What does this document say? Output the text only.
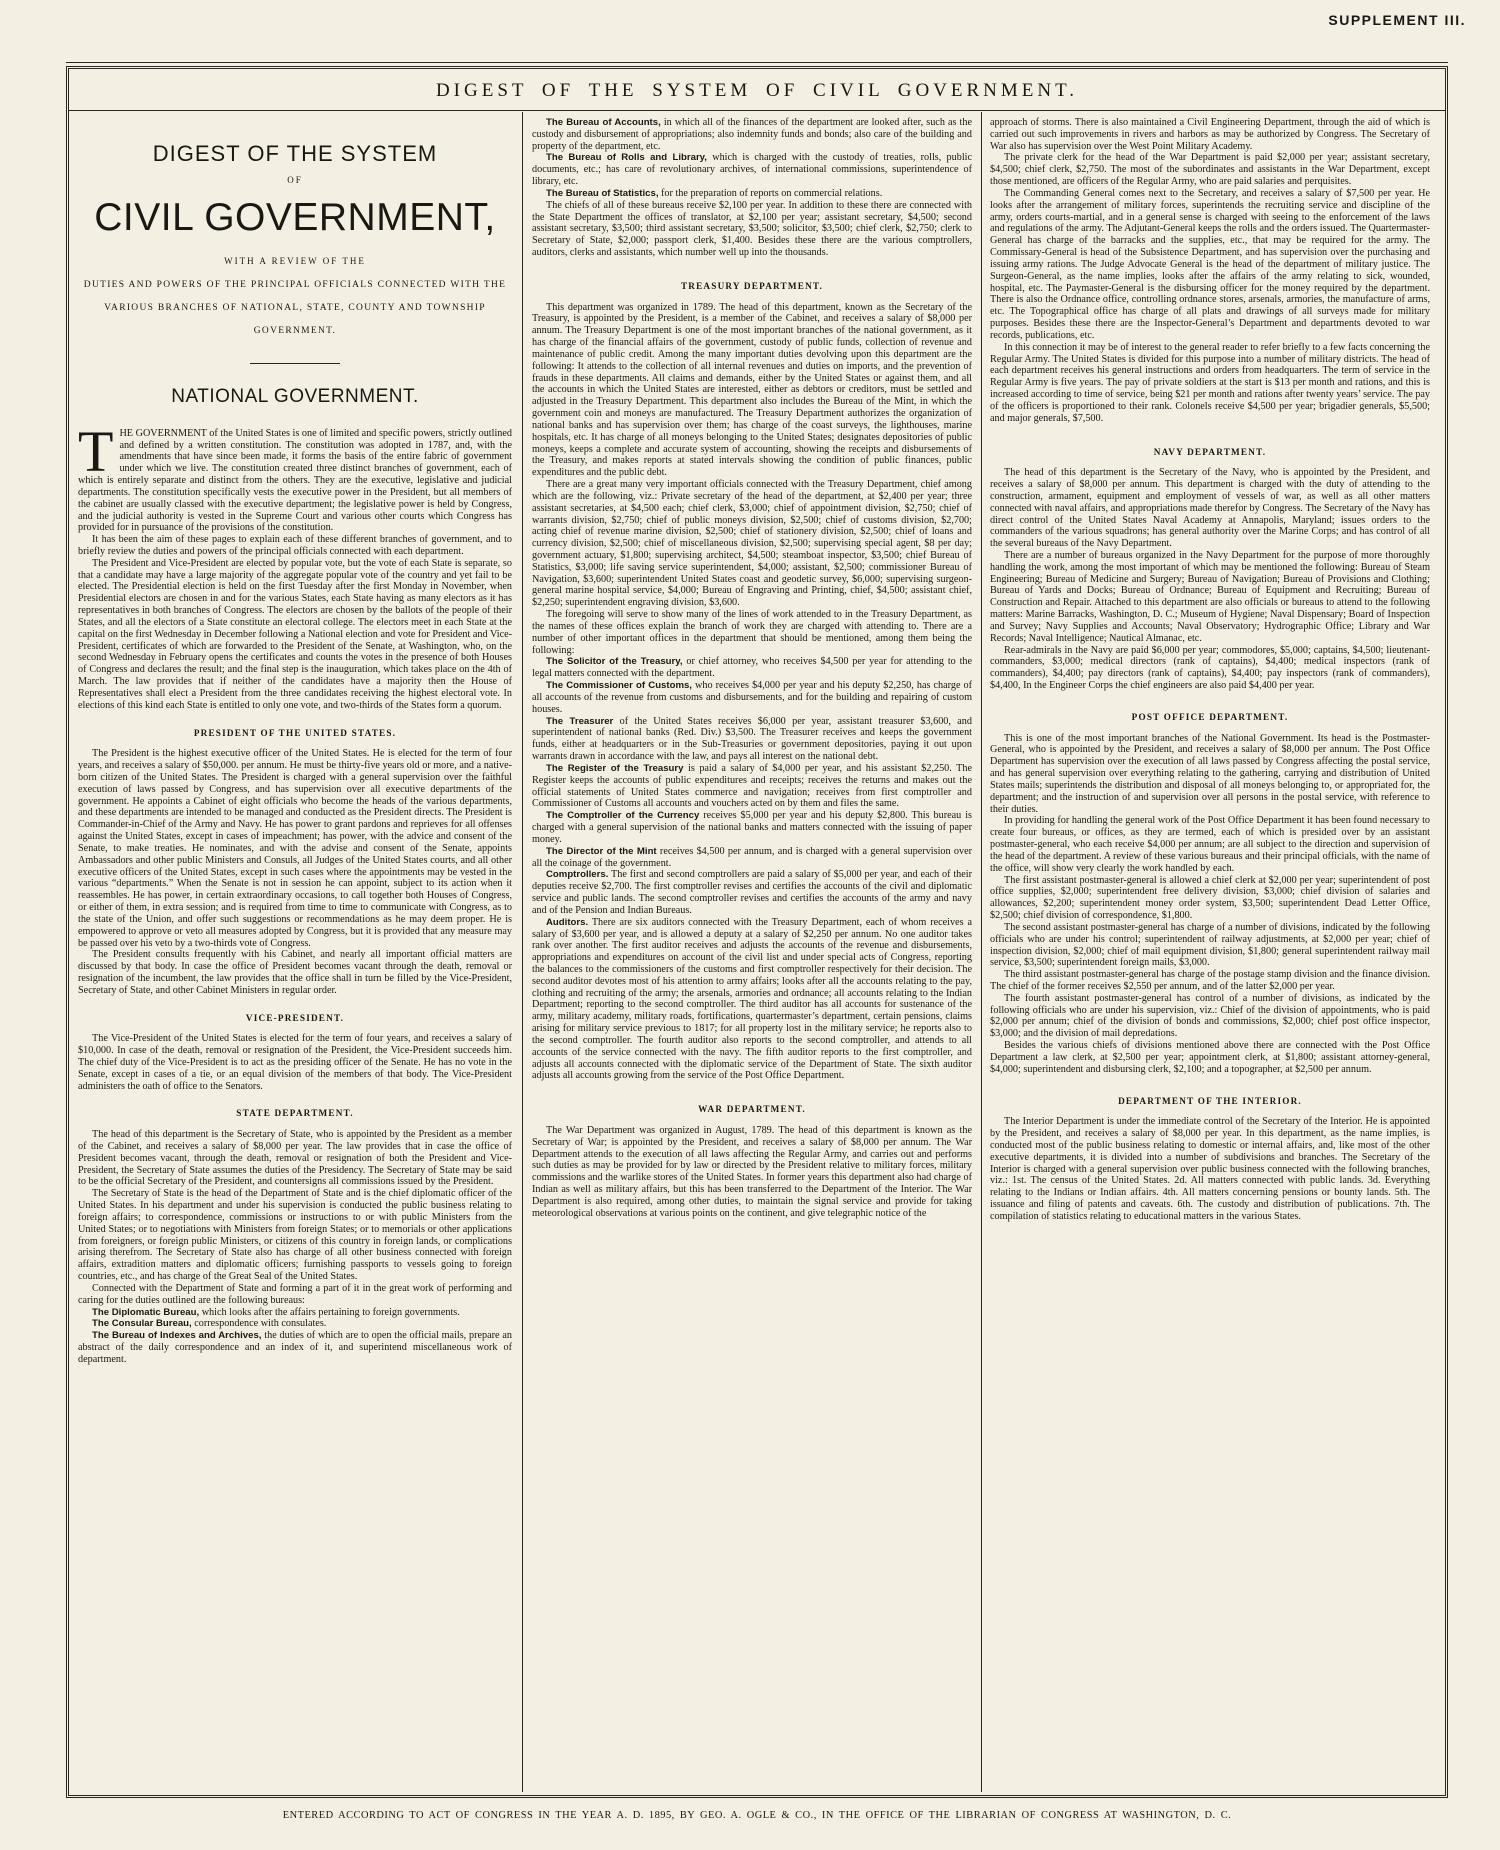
SUPPLEMENT III.
DIGEST OF THE SYSTEM OF CIVIL GOVERNMENT.
DIGEST OF THE SYSTEM
OF
CIVIL GOVERNMENT,
WITH A REVIEW OF THE
DUTIES AND POWERS OF THE PRINCIPAL OFFICIALS CONNECTED WITH THE VARIOUS BRANCHES OF NATIONAL, STATE, COUNTY AND TOWNSHIP GOVERNMENT.
NATIONAL GOVERNMENT.

THE GOVERNMENT of the United States is one of limited and specific powers, strictly outlined and defined by a written constitution. The constitution was adopted in 1787, and, with the amendments that have since been made, it forms the basis of the entire fabric of government under which we live. The constitution created three distinct branches of government, each of which is entirely separate and distinct from the others. They are the executive, legislative and judicial departments. The constitution specifically vests the executive power in the President, but all members of the cabinet are usually classed with the executive department; the legislative power is held by Congress, and the judicial authority is vested in the Supreme Court and various other courts which Congress has provided for in pursuance of the provisions of the constitution.

It has been the aim of these pages to explain each of these different branches of government, and to briefly review the duties and powers of the principal officials connected with each department.

The President and Vice-President are elected by popular vote, but the vote of each State is separate, so that a candidate may have a large majority of the aggregate popular vote of the country and yet fail to be elected. The Presidential election is held on the first Tuesday after the first Monday in November, when Presidential electors are chosen in and for the various States, each State having as many electors as it has representatives in both branches of Congress. The electors are chosen by the ballots of the people of their States, and all the electors of a State constitute an electoral college. The electors meet in each State at the capital on the first Wednesday in December following a National election and vote for President and Vice-President, certificates of which are forwarded to the President of the Senate, at Washington, who, on the second Wednesday in February opens the certificates and counts the votes in the presence of both Houses of Congress and declares the result; and the final step is the inauguration, which takes place on the 4th of March. The law provides that if neither of the candidates have a majority then the House of Representatives shall elect a President from the three candidates receiving the highest electoral vote. In elections of this kind each State is entitled to only one vote, and two-thirds of the States form a quorum.

PRESIDENT OF THE UNITED STATES.

The President is the highest executive officer of the United States. He is elected for the term of four years, and receives a salary of $50,000. per annum. He must be thirty-five years old or more, and a native-born citizen of the United States. The President is charged with a general supervision over the faithful execution of laws passed by Congress, and has supervision over all executive departments of the government. He appoints a Cabinet of eight officials who become the heads of the various departments, and these departments are intended to be managed and conducted as the President directs. The President is Commander-in-Chief of the Army and Navy. He has power to grant pardons and reprieves for all offenses against the United States, except in cases of impeachment; has power, with the advice and consent of the Senate, to make treaties. He nominates, and with the advise and consent of the Senate, appoints Ambassadors and other public Ministers and Consuls, all Judges of the United States courts, and all other executive officers of the United States, except in such cases where the appointments may be vested in the various “departments.” When the Senate is not in session he can appoint, subject to its action when it reassembles. He has power, in certain extraordinary occasions, to call together both Houses of Congress, or either of them, in extra session; and is required from time to time to communicate with Congress, as to the state of the Union, and offer such suggestions or recommendations as he may deem proper. He is empowered to approve or veto all measures adopted by Congress, but it is provided that any measure may be passed over his veto by a two-thirds vote of Congress.

The President consults frequently with his Cabinet, and nearly all important official matters are discussed by that body. In case the office of President becomes vacant through the death, removal or resignation of the incumbent, the law provides that the office shall in turn be filled by the Vice-President, Secretary of State, and other Cabinet Ministers in regular order.

VICE-PRESIDENT.

The Vice-President of the United States is elected for the term of four years, and receives a salary of $10,000. In case of the death, removal or resignation of the President, the Vice-President succeeds him. The chief duty of the Vice-President is to act as the presiding officer of the Senate. He has no vote in the Senate, except in cases of a tie, or an equal division of the members of that body. The Vice-President administers the oath of office to the Senators.

STATE DEPARTMENT.

The head of this department is the Secretary of State, who is appointed by the President as a member of the Cabinet, and receives a salary of $8,000 per year. The law provides that in case the office of President becomes vacant, through the death, removal or resignation of both the President and Vice-President, the Secretary of State assumes the duties of the Presidency. The Secretary of State may be said to be the official Secretary of the President, and countersigns all commissions issued by the President.

The Secretary of State is the head of the Department of State and is the chief diplomatic officer of the United States. In his department and under his supervision is conducted the public business relating to foreign affairs; to correspondence, commissions or instructions to or with public Ministers from the United States; or to negotiations with Ministers from foreign States; or to memorials or other applications from foreigners, or foreign public Ministers, or citizens of this country in foreign lands, or complications arising therefrom. The Secretary of State also has charge of all other business connected with foreign affairs, extradition matters and diplomatic officers; furnishing passports to vessels going to foreign countries, etc., and has charge of the Great Seal of the United States.

Connected with the Department of State and forming a part of it in the great work of performing and caring for the duties outlined are the following bureaus:

The Diplomatic Bureau, which looks after the affairs pertaining to foreign governments.

The Consular Bureau, correspondence with consulates.

The Bureau of Indexes and Archives, the duties of which are to open the official mails, prepare an abstract of the daily correspondence and an index of it, and superintend miscellaneous work of department.

The Bureau of Accounts, in which all of the finances of the department are looked after, such as the custody and disbursement of appropriations; also indemnity funds and bonds; also care of the building and property of the department, etc.

The Bureau of Rolls and Library, which is charged with the custody of treaties, rolls, public documents, etc.; has care of revolutionary archives, of international commissions, superintendence of library, etc.

The Bureau of Statistics, for the preparation of reports on commercial relations.

The chiefs of all of these bureaus receive $2,100 per year. In addition to these there are connected with the State Department the offices of translator, at $2,100 per year; assistant secretary, $4,500; second assistant secretary, $3,500; third assistant secretary, $3,500; solicitor, $3,500; chief clerk, $2,750; clerk to Secretary of State, $2,000; passport clerk, $1,400. Besides these there are the various comptrollers, auditors, clerks and assistants, which number well up into the thousands.

TREASURY DEPARTMENT.

This department was organized in 1789. The head of this department, known as the Secretary of the Treasury, is appointed by the President, is a member of the Cabinet, and receives a salary of $8,000 per annum. The Treasury Department is one of the most important branches of the national government, as it has charge of the financial affairs of the government, custody of public funds, collection of revenue and maintenance of public credit. Among the many important duties devolving upon this department are the following: It attends to the collection of all internal revenues and duties on imports, and the prevention of frauds in these departments. All claims and demands, either by the United States or against them, and all the accounts in which the United States are interested, either as debtors or creditors, must be settled and adjusted in the Treasury Department. This department also includes the Bureau of the Mint, in which the government coin and moneys are manufactured. The Treasury Department authorizes the organization of national banks and has supervision over them; has charge of the coast surveys, the lighthouses, marine hospitals, etc. It has charge of all moneys belonging to the United States; designates depositories of public moneys, keeps a complete and accurate system of accounting, showing the receipts and disbursements of the Treasury, and makes reports at stated intervals showing the condition of public finances, public expenditures and the public debt.

There are a great many very important officials connected with the Treasury Department, chief among which are the following, viz.: Private secretary of the head of the department, at $2,400 per year; three assistant secretaries, at $4,500 each; chief clerk, $3,000; chief of appointment division, $2,750; chief of warrants division, $2,750; chief of public moneys division, $2,500; chief of customs division, $2,700; acting chief of revenue marine division, $2,500; chief of stationery division, $2,500; chief of loans and currency division, $2,500; chief of miscellaneous division, $2,500; supervising special agent, $8 per day; government actuary, $1,800; supervising architect, $4,500; steamboat inspector, $3,500; chief Bureau of Statistics, $3,000; life saving service superintendent, $4,000; assistant, $2,500; commissioner Bureau of Navigation, $3,600; superintendent United States coast and geodetic survey, $6,000; supervising surgeon-general marine hospital service, $4,000; Bureau of Engraving and Printing, chief, $4,500; assistant chief, $2,250; superintendent engraving division, $3,600.

The foregoing will serve to show many of the lines of work attended to in the Treasury Department, as the names of these offices explain the branch of work they are charged with attending to. There are a number of other important offices in the department that should be mentioned, among them being the following:

The Solicitor of the Treasury, or chief attorney, who receives $4,500 per year for attending to the legal matters connected with the department.

The Commissioner of Customs, who receives $4,000 per year and his deputy $2,250, has charge of all accounts of the revenue from customs and disbursements, and for the building and repairing of custom houses.

The Treasurer of the United States receives $6,000 per year, assistant treasurer $3,600, and superintendent of national banks (Red. Div.) $3,500. The Treasurer receives and keeps the government funds, either at headquarters or in the Sub-Treasuries or government depositories, paying it out upon warrants drawn in accordance with the law, and pays all interest on the national debt.

The Register of the Treasury is paid a salary of $4,000 per year, and his assistant $2,250. The Register keeps the accounts of public expenditures and receipts; receives the returns and makes out the official statements of United States commerce and navigation; receives from first comptroller and Commissioner of Customs all accounts and vouchers acted on by them and files the same.

The Comptroller of the Currency receives $5,000 per year and his deputy $2,800. This bureau is charged with a general supervision of the national banks and matters connected with the issuing of paper money.

The Director of the Mint receives $4,500 per annum, and is charged with a general supervision over all the coinage of the government.

Comptrollers. The first and second comptrollers are paid a salary of $5,000 per year, and each of their deputies receive $2,700. The first comptroller revises and certifies the accounts of the civil and diplomatic service and public lands. The second comptroller revises and certifies the accounts of the army and navy and of the Pension and Indian Bureaus.

Auditors. There are six auditors connected with the Treasury Department, each of whom receives a salary of $3,600 per year, and is allowed a deputy at a salary of $2,250 per annum. No one auditor takes rank over another. The first auditor receives and adjusts the accounts of the revenue and disbursements, appropriations and expenditures on account of the civil list and under special acts of Congress, reporting the balances to the commissioners of the customs and first comptroller respectively for their decision. The second auditor devotes most of his attention to army affairs; looks after all the accounts relating to the pay, clothing and recruiting of the army; the arsenals, armories and ordnance; all accounts relating to the Indian Department; reporting to the second comptroller. The third auditor has all accounts for sustenance of the army, military academy, military roads, fortifications, quartermaster’s department, certain pensions, claims arising for military service previous to 1817; for all property lost in the military service; he reports also to the second comptroller. The fourth auditor also reports to the second comptroller, and attends to all accounts of the service connected with the navy. The fifth auditor reports to the first comptroller, and adjusts all accounts connected with the diplomatic service of the Department of State. The sixth auditor adjusts all accounts growing from the service of the Post Office Department.

WAR DEPARTMENT.

The War Department was organized in August, 1789. The head of this department is known as the Secretary of War; is appointed by the President, and receives a salary of $8,000 per annum. The War Department attends to the execution of all laws affecting the Regular Army, and carries out and performs such duties as may be provided for by law or directed by the President relative to military forces, military commissions and the warlike stores of the United States. In former years this department also had charge of Indian as well as military affairs, but this has been transferred to the Department of the Interior. The War Department is also required, among other duties, to maintain the signal service and provide for taking meteorological observations at various points on the continent, and give telegraphic notice of the

approach of storms. There is also maintained a Civil Engineering Department, through the aid of which is carried out such improvements in rivers and harbors as may be authorized by Congress. The Secretary of War also has supervision over the West Point Military Academy.

The private clerk for the head of the War Department is paid $2,000 per year; assistant secretary, $4,500; chief clerk, $2,750. The most of the subordinates and assistants in the War Department, except those mentioned, are officers of the Regular Army, who are paid salaries and perquisites.

The Commanding General comes next to the Secretary, and receives a salary of $7,500 per year. He looks after the arrangement of military forces, superintends the recruiting service and discipline of the army, orders courts-martial, and in a general sense is charged with seeing to the enforcement of the laws and regulations of the army. The Adjutant-General keeps the rolls and the orders issued. The Quartermaster-General has charge of the barracks and the supplies, etc., that may be required for the army. The Commissary-General is head of the Subsistence Department, and has supervision over the purchasing and issuing army rations. The Judge Advocate General is the head of the department of military justice. The Surgeon-General, as the name implies, looks after the affairs of the army relating to sick, wounded, hospital, etc. The Paymaster-General is the disbursing officer for the money required by the department. There is also the Ordnance office, controlling ordnance stores, arsenals, armories, the manufacture of arms, etc. The Topographical office has charge of all plats and drawings of all surveys made for military purposes. Besides these there are the Inspector-General’s Department and departments devoted to war records, publications, etc.

In this connection it may be of interest to the general reader to refer briefly to a few facts concerning the Regular Army. The United States is divided for this purpose into a number of military districts. The head of each department receives his general instructions and orders from headquarters. The term of service in the Regular Army is five years. The pay of private soldiers at the start is $13 per month and rations, and this is increased according to time of service, being $21 per month and rations after twenty years’ service. The pay of the officers is proportioned to their rank. Colonels receive $4,500 per year; brigadier generals, $5,500; and major generals, $7,500.

NAVY DEPARTMENT.

The head of this department is the Secretary of the Navy, who is appointed by the President, and receives a salary of $8,000 per annum. This department is charged with the duty of attending to the construction, armament, equipment and employment of vessels of war, as well as all other matters connected with naval affairs, and appropriations made therefor by Congress. The Secretary of the Navy has direct control of the United States Naval Academy at Annapolis, Maryland; issues orders to the commanders of the various squadrons; has general authority over the Marine Corps; and has control of all the several bureaus of the Navy Department.

There are a number of bureaus organized in the Navy Department for the purpose of more thoroughly handling the work, among the most important of which may be mentioned the following: Bureau of Steam Engineering; Bureau of Medicine and Surgery; Bureau of Navigation; Bureau of Provisions and Clothing; Bureau of Yards and Docks; Bureau of Ordnance; Bureau of Equipment and Recruiting; Bureau of Construction and Repair. Attached to this department are also officials or bureaus to attend to the following matters: Marine Barracks, Washington, D. C.; Museum of Hygiene; Naval Dispensary; Board of Inspection and Survey; Navy Supplies and Accounts; Naval Observatory; Hydrographic Office; Library and War Records; Naval Intelligence; Nautical Almanac, etc.

Rear-admirals in the Navy are paid $6,000 per year; commodores, $5,000; captains, $4,500; lieutenant-commanders, $3,000; medical directors (rank of captains), $4,400; medical inspectors (rank of commanders), $4,400; pay directors (rank of captains), $4,400; pay inspectors (rank of commanders), $4,400, In the Engineer Corps the chief engineers are also paid $4,400 per year.

POST OFFICE DEPARTMENT.

This is one of the most important branches of the National Government. Its head is the Postmaster-General, who is appointed by the President, and receives a salary of $8,000 per annum. The Post Office Department has supervision over the execution of all laws passed by Congress affecting the postal service, and has general supervision over everything relating to the gathering, carrying and distribution of United States mails; superintends the distribution and disposal of all moneys belonging to, or appropriated for, the department; and the instruction of and supervision over all persons in the postal service, with reference to their duties.

In providing for handling the general work of the Post Office Department it has been found necessary to create four bureaus, or offices, as they are termed, each of which is presided over by an assistant postmaster-general, who each receive $4,000 per annum; are all subject to the direction and supervision of the head of the department. A review of these various bureaus and their principal officials, with the name of the office, will show very clearly the work handled by each.

The first assistant postmaster-general is allowed a chief clerk at $2,000 per year; superintendent of post office supplies, $2,000; superintendent free delivery division, $3,000; chief division of salaries and allowances, $2,200; superintendent money order system, $3,500; superintendent Dead Letter Office, $2,500; chief division of correspondence, $1,800.

The second assistant postmaster-general has charge of a number of divisions, indicated by the following officials who are under his control; superintendent of railway adjustments, at $2,000 per year; chief of inspection division, $2,000; chief of mail equipment division, $1,800; general superintendent railway mail service, $3,500; superintendent foreign mails, $3,000.

The third assistant postmaster-general has charge of the postage stamp division and the finance division. The chief of the former receives $2,550 per annum, and of the latter $2,000 per year.

The fourth assistant postmaster-general has control of a number of divisions, as indicated by the following officials who are under his supervision, viz.: Chief of the division of appointments, who is paid $2,000 per annum; chief of the division of bonds and commissions, $2,000; chief post office inspector, $3,000; and the division of mail depredations.

Besides the various chiefs of divisions mentioned above there are connected with the Post Office Department a law clerk, at $2,500 per year; appointment clerk, at $1,800; assistant attorney-general, $4,000; superintendent and disbursing clerk, $2,100; and a topographer, at $2,500 per annum.

DEPARTMENT OF THE INTERIOR.

The Interior Department is under the immediate control of the Secretary of the Interior. He is appointed by the President, and receives a salary of $8,000 per year. In this department, as the name implies, is conducted most of the public business relating to domestic or internal affairs, and, like most of the other executive departments, it is divided into a number of subdivisions and branches. The Secretary of the Interior is charged with a general supervision over public business connected with the following branches, viz.: 1st. The census of the United States. 2d. All matters connected with public lands. 3d. Everything relating to the Indians or Indian affairs. 4th. All matters concerning pensions or bounty lands. 5th. The issuance and filing of patents and caveats. 6th. The custody and distribution of publications. 7th. The compilation of statistics relating to educational matters in the various States.

ENTERED ACCORDING TO ACT OF CONGRESS IN THE YEAR A. D. 1895, BY GEO. A. OGLE & CO., IN THE OFFICE OF THE LIBRARIAN OF CONGRESS AT WASHINGTON, D. C.
